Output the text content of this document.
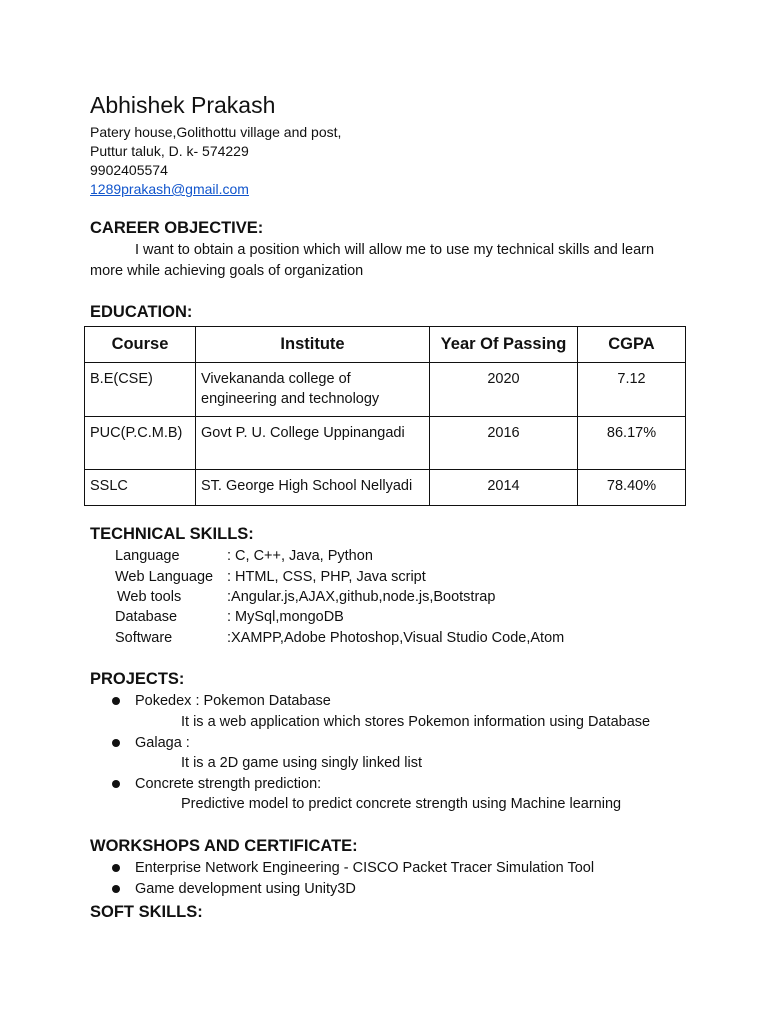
Abhishek Prakash
Patery house,Golithottu village and post,
Puttur taluk, D. k- 574229
9902405574
1289prakash@gmail.com
CAREER OBJECTIVE:
I want to obtain a position which will allow me to use my technical skills and learn
more while achieving goals of organization
EDUCATION:
Course	Institute	Year Of Passing	CGPA
B.E(CSE)	Vivekananda college of
engineering and technology	2020	7.12
PUC(P.C.M.B)	Govt P. U. College Uppinangadi	2016	86.17%
SSLC	ST. George High School Nellyadi	2014	78.40%
TECHNICAL SKILLS:
Language	: C, C++, Java, Python
Web Language : HTML, CSS, PHP, Java script
Web tools	:Angular.js,AJAX,github,node.js,Bootstrap
Database	: MySql,mongoDB
Software	:XAMPP,Adobe Photoshop,Visual Studio Code,Atom
PROJECTS:
Pokedex : Pokemon Database
It is a web application which stores Pokemon information using Database
Galaga :
It is a 2D game using singly linked list
Concrete strength prediction:
Predictive model to predict concrete strength using Machine learning
WORKSHOPS AND CERTIFICATE:
Enterprise Network Engineering - CISCO Packet Tracer Simulation Tool
Game development using Unity3D
SOFT SKILLS:
